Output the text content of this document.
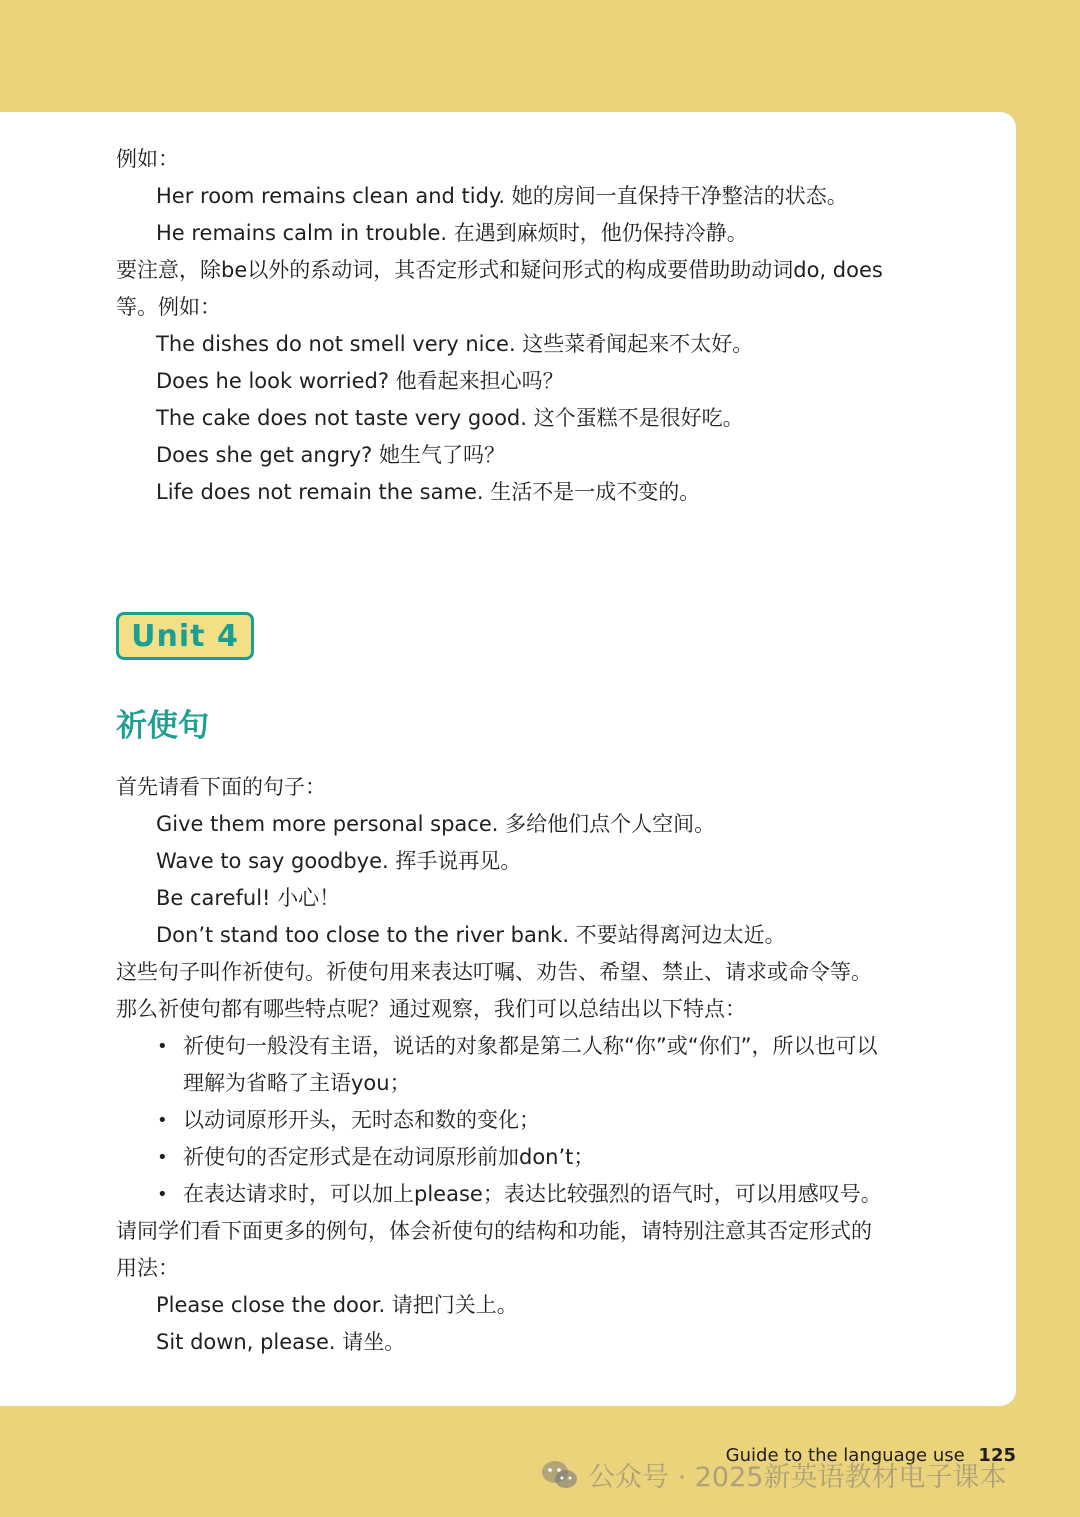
例如：
Her room remains clean and tidy. 她的房间一直保持干净整洁的状态。
He remains calm in trouble. 在遇到麻烦时，他仍保持冷静。
要注意，除be以外的系动词，其否定形式和疑问形式的构成要借助助动词do, does
等。例如：
The dishes do not smell very nice. 这些菜肴闻起来不太好。
Does he look worried? 他看起来担心吗？
The cake does not taste very good. 这个蛋糕不是很好吃。
Does she get angry? 她生气了吗？
Life does not remain the same. 生活不是一成不变的。
Unit 4
祈使句
首先请看下面的句子：
Give them more personal space. 多给他们点个人空间。
Wave to say goodbye. 挥手说再见。
Be careful! 小心！
Don’t stand too close to the river bank. 不要站得离河边太近。
这些句子叫作祈使句。祈使句用来表达叮嘱、劝告、希望、禁止、请求或命令等。
那么祈使句都有哪些特点呢？通过观察，我们可以总结出以下特点：
• 祈使句一般没有主语，说话的对象都是第二人称“你”或“你们”，所以也可以
理解为省略了主语you；
• 以动词原形开头，无时态和数的变化；
• 祈使句的否定形式是在动词原形前加don’t；
• 在表达请求时，可以加上please；表达比较强烈的语气时，可以用感叹号。
请同学们看下面更多的例句，体会祈使句的结构和功能，请特别注意其否定形式的
用法：
Please close the door. 请把门关上。
Sit down, please. 请坐。
Guide to the language use 125
公众号 · 2025新英语教材电子课本
